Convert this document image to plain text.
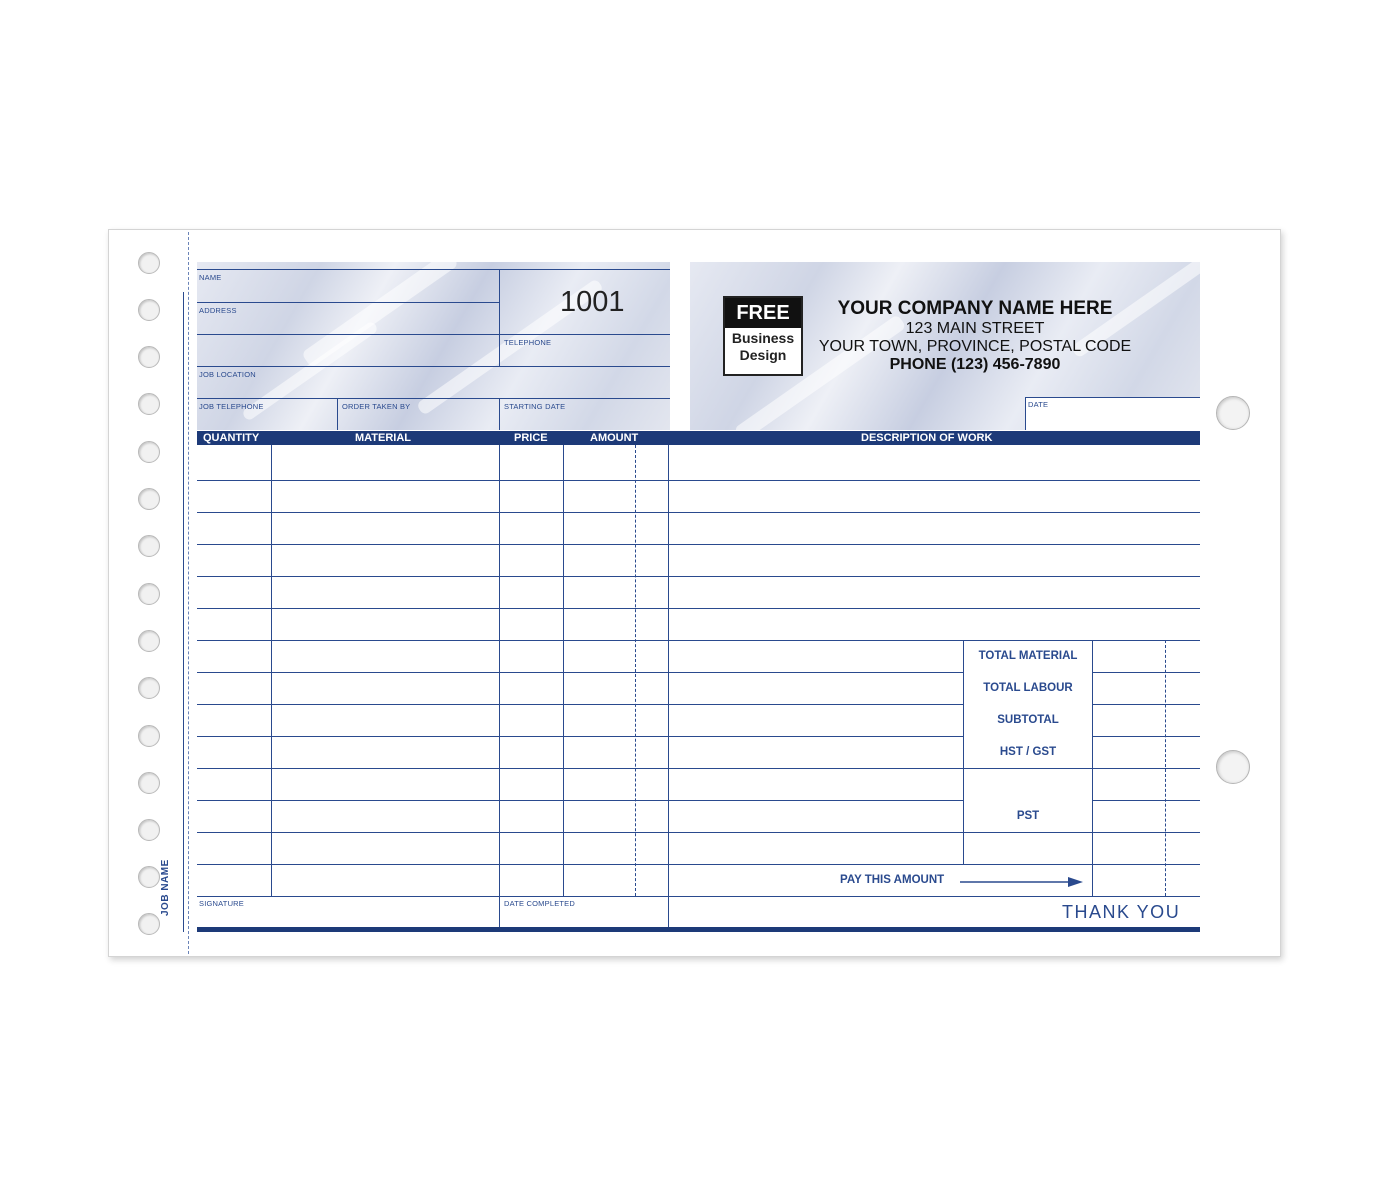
JOB NAME
NAME
ADDRESS
TELEPHONE
JOB LOCATION
JOB TELEPHONE	ORDER TAKEN BY	STARTING DATE	DATE
1001	FREE
Business
Design
YOUR COMPANY NAME HERE
123 MAIN STREET
YOUR TOWN, PROVINCE, POSTAL CODE
PHONE (123) 456-7890
QUANTITY	MATERIAL	PRICE	AMOUNT	DESCRIPTION OF WORK
TOTAL MATERIAL
TOTAL LABOUR
SUBTOTAL
HST / GST
PST
PAY THIS AMOUNT
SIGNATURE	DATE COMPLETED	THANK YOU
